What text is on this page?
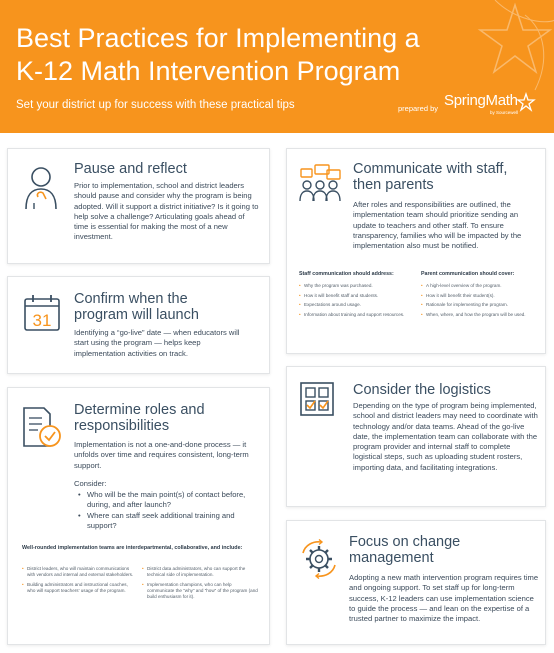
Best Practices for Implementing a
K-12 Math Intervention Program
Set your district up for success with these practical tips	prepared by SpringMath
by Sourcewell
Pause and reflect
Prior to implementation, school and district leaders should pause and consider why the program is being adopted. Will it support a district initiative? Is it going to help solve a challenge? Articulating goals ahead of time is essential for making the most of a new investment.
31
Confirm when the
program will launch
Identifying a “go-live” date — when educators will start using the program — helps keep implementation activities on track.
Determine roles and
responsibilities
Implementation is not a one-and-done process — it unfolds over time and requires consistent, long-term support.
Consider:
• Who will be the main point(s) of contact before, during, and after launch?
• Where can staff seek additional training and support?
Well-rounded implementation teams are interdepartmental, collaborative, and include:
• District leaders, who will maintain communications with vendors and internal and external stakeholders.
• Building administrators and instructional coaches, who will support teachers' usage of the program.
• District data administrators, who can support the technical side of implementation.
• Implementation champions, who can help communicate the “why” and “how” of the program (and build enthusiasm for it).
Communicate with staff,
then parents
After roles and responsibilities are outlined, the implementation team should prioritize sending an update to teachers and other staff. To ensure transparency, families who will be impacted by the implementation also must be notified.
Staff communication should address:
• Why the program was purchased.
• How it will benefit staff and students.
• Expectations around usage.
• Information about training and support resources.
Parent communication should cover:
• A high-level overview of the program.
• How it will benefit their student(s).
• Rationale for implementing the program.
• When, where, and how the program will be used.
Consider the logistics
Depending on the type of program being implemented, school and district leaders may need to coordinate with technology and/or data teams. Ahead of the go-live date, the implementation team can collaborate with the program provider and internal staff to complete logistical steps, such as uploading student rosters, importing data, and facilitating integrations.
Focus on change
management
Adopting a new math intervention program requires time and ongoing support. To set staff up for long-term success, K-12 leaders can use implementation science to guide the process — and lean on the expertise of a trusted partner to maximize the impact.
